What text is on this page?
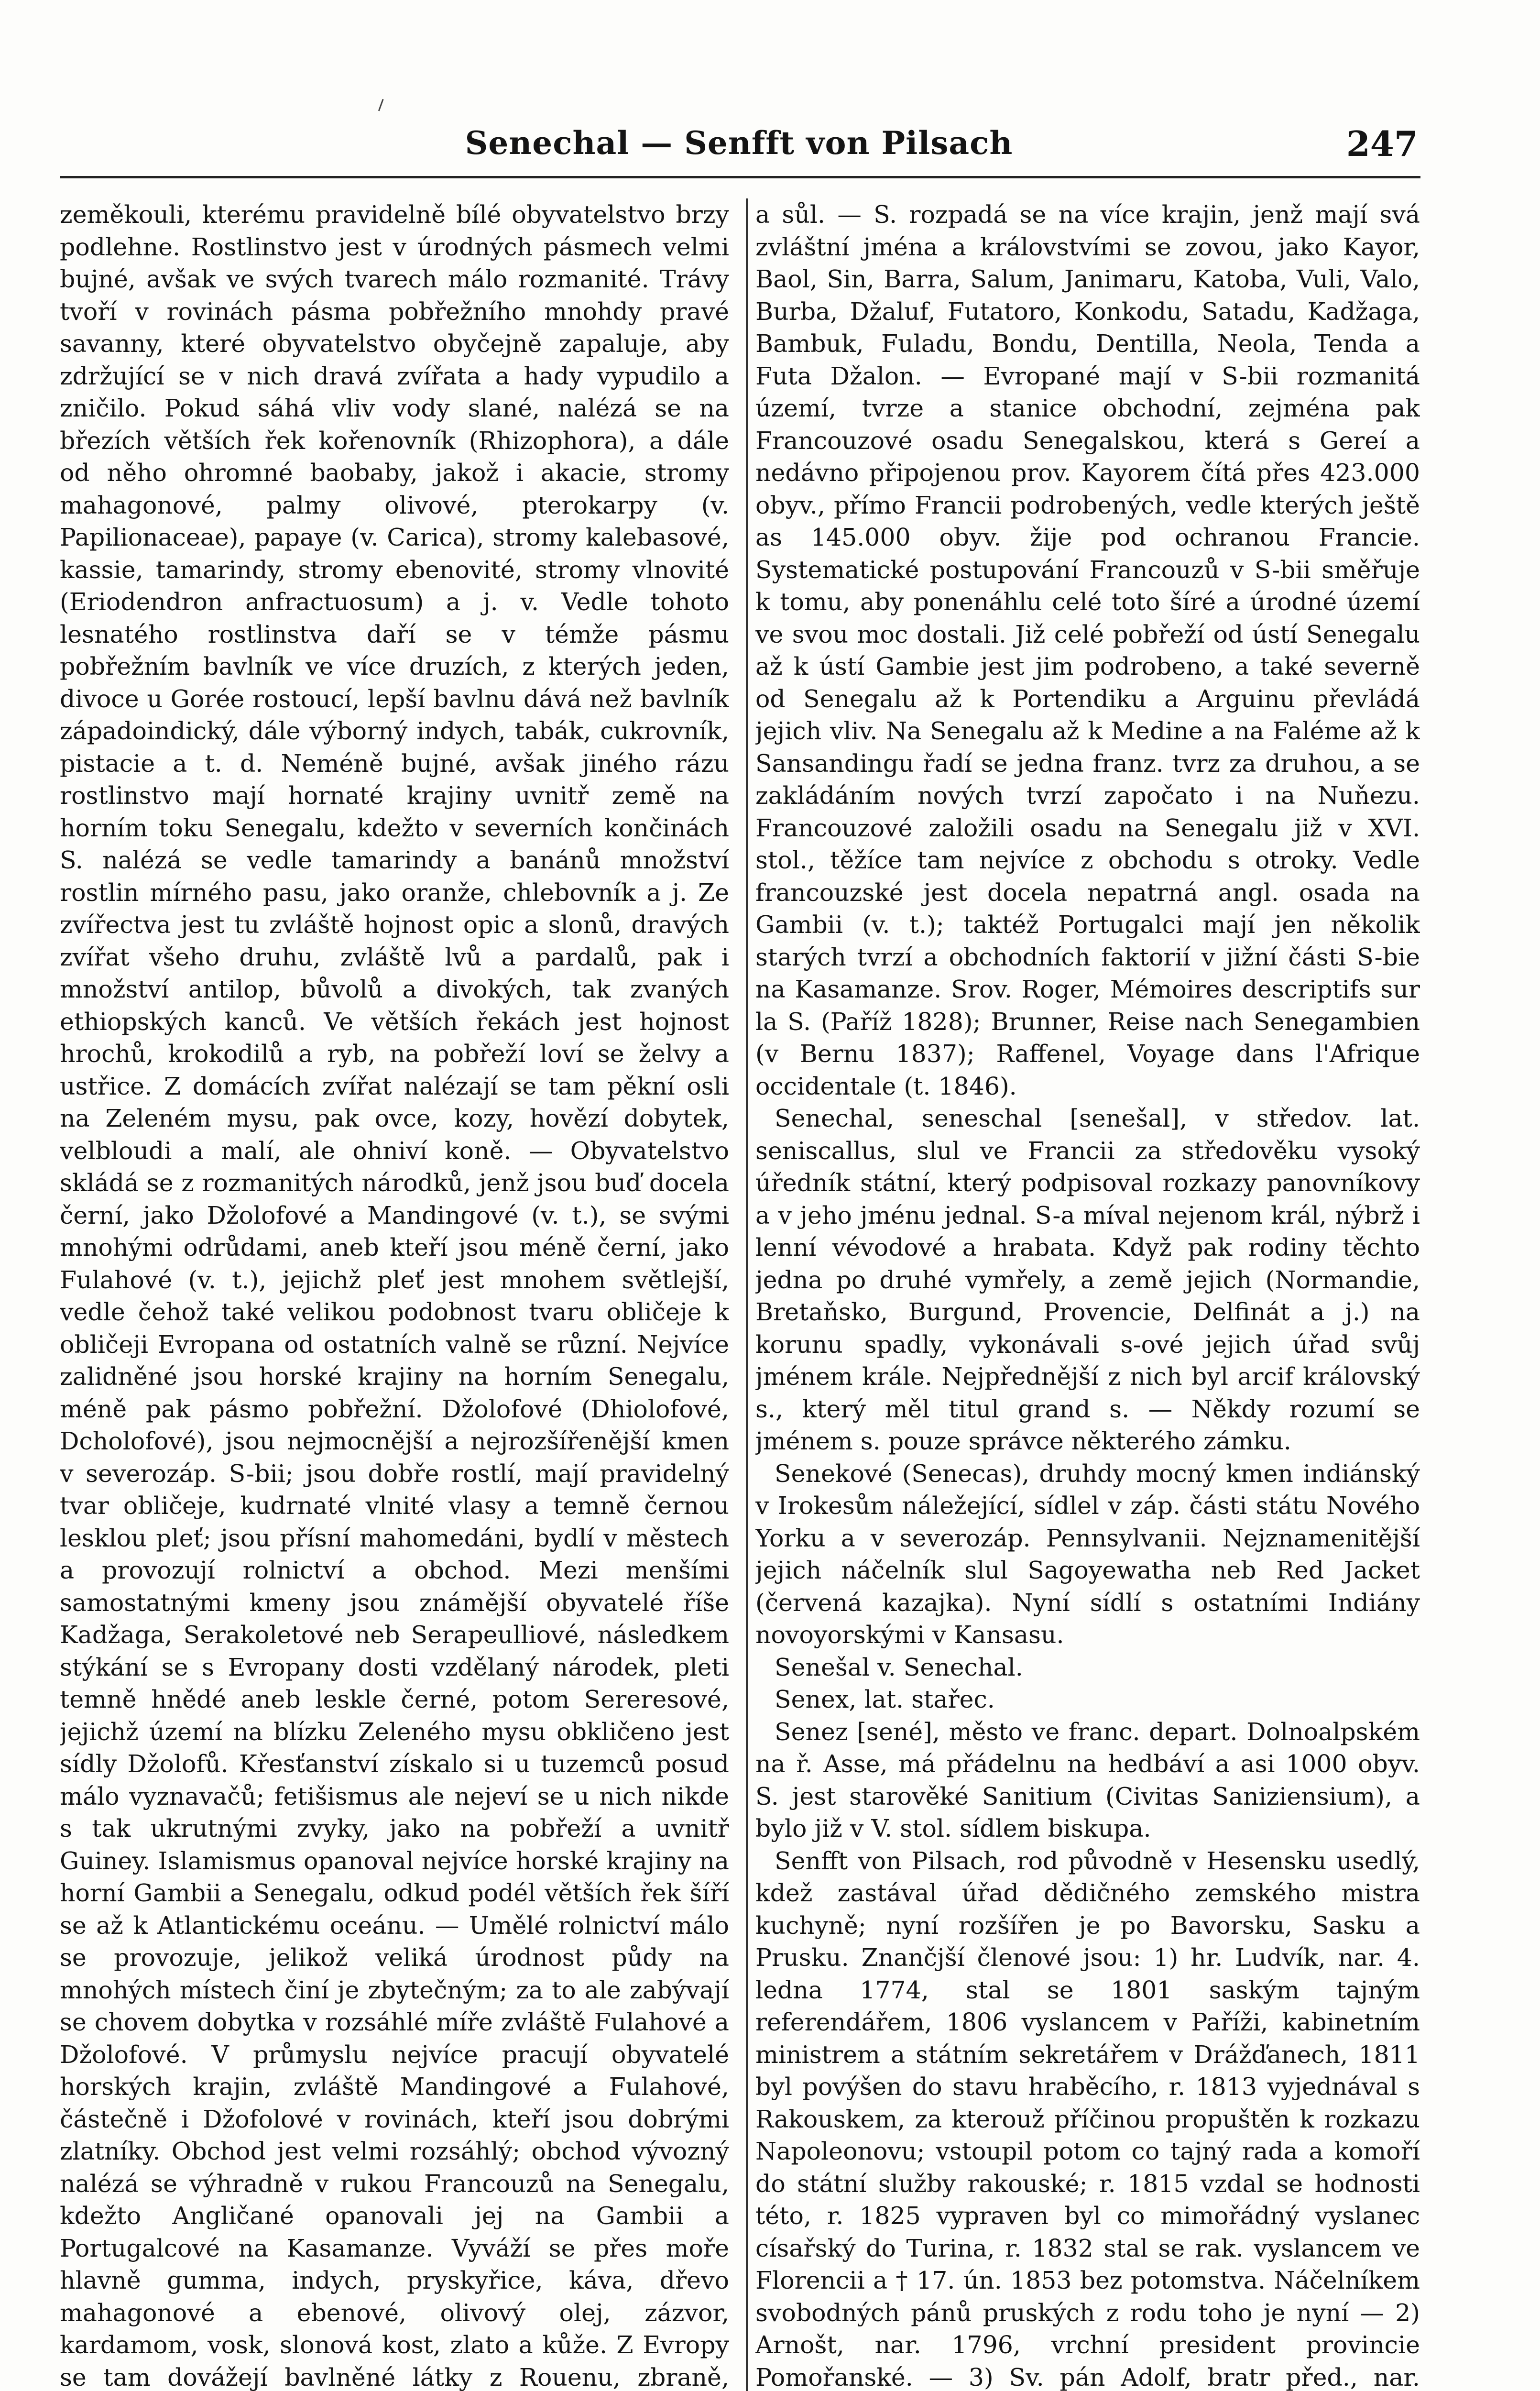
Senechal — Senfft von Pilsach	247

zeměkouli, kterému pravidelně bílé obyvatelstvo brzy podlehne. Rostlinstvo jest v úrodných pásmech velmi bujné, avšak ve svých tvarech málo rozmanité. Trávy tvoří v rovinách pásma pobřežního mnohdy pravé savanny, které obyvatelstvo obyčejně zapaluje, aby zdržující se v nich dravá zvířata a hady vypudilo a zničilo. Pokud sáhá vliv vody slané, nalézá se na březích větších řek kořenovník (Rhizophora), a dále od něho ohromné baobaby, jakož i akacie, stromy mahagonové, palmy olivové, pterokarpy (v. Papilionaceae), papaye (v. Carica), stromy kalebasové, kassie, tamarindy, stromy ebenovité, stromy vlnovité (Eriodendron anfractuosum) a j. v. Vedle tohoto lesnatého rostlinstva daří se v témže pásmu pobřežním bavlník ve více druzích, z kterých jeden, divoce u Gorée rostoucí, lepší bavlnu dává než bavlník západoindický, dále výborný indych, tabák, cukrovník, pistacie a t. d. Neméně bujné, avšak jiného rázu rostlinstvo mají hornaté krajiny uvnitř země na horním toku Senegalu, kdežto v severních končinách S. nalézá se vedle tamarindy a banánů množství rostlin mírného pasu, jako oranže, chlebovník a j. Ze zvířectva jest tu zvláště hojnost opic a slonů, dravých zvířat všeho druhu, zvláště lvů a pardalů, pak i množství antilop, bůvolů a divokých, tak zvaných ethiopských kanců. Ve větších řekách jest hojnost hrochů, krokodilů a ryb, na pobřeží loví se želvy a ustřice. Z domácích zvířat nalézají se tam pěkní osli na Zeleném mysu, pak ovce, kozy, hovězí dobytek, velbloudi a malí, ale ohniví koně. — Obyvatelstvo skládá se z rozmanitých národků, jenž jsou buď docela černí, jako Džolofové a Mandingové (v. t.), se svými mnohými odrůdami, aneb kteří jsou méně černí, jako Fulahové (v. t.), jejichž pleť jest mnohem světlejší, vedle čehož také velikou podobnost tvaru obličeje k obličeji Evropana od ostatních valně se různí. Nejvíce zalidněné jsou horské krajiny na horním Senegalu, méně pak pásmo pobřežní. Džolofové (Dhiolofové, Dcholofové), jsou nejmocnější a nejrozšířenější kmen v severozáp. S-bii; jsou dobře rostlí, mají pravidelný tvar obličeje, kudrnaté vlnité vlasy a temně černou lesklou pleť; jsou přísní mahomedáni, bydlí v městech a provozují rolnictví a obchod. Mezi menšími samostatnými kmeny jsou známější obyvatelé říše Kadžaga, Serakoletové neb Serapeulliové, následkem stýkání se s Evropany dosti vzdělaný národek, pleti temně hnědé aneb leskle černé, potom Sereresové, jejichž území na blízku Zeleného mysu obkličeno jest sídly Džolofů. Křesťanství získalo si u tuzemců posud málo vyznavačů; fetišismus ale nejeví se u nich nikde s tak ukrutnými zvyky, jako na pobřeží a uvnitř Guiney. Islamismus opanoval nejvíce horské krajiny na horní Gambii a Senegalu, odkud podél větších řek šíří se až k Atlantickému oceánu. — Umělé rolnictví málo se provozuje, jelikož veliká úrodnost půdy na mnohých místech činí je zbytečným; za to ale zabývají se chovem dobytka v rozsáhlé míře zvláště Fulahové a Džolofové. V průmyslu nejvíce pracují obyvatelé horských krajin, zvláště Mandingové a Fulahové, částečně i Džofolové v rovinách, kteří jsou dobrými zlatníky. Obchod jest velmi rozsáhlý; obchod vývozný nalézá se výhradně v rukou Francouzů na Senegalu, kdežto Angličané opanovali jej na Gambii a Portugalcové na Kasamanze. Vyváží se přes moře hlavně gumma, indych, pryskyřice, káva, dřevo mahagonové a ebenové, olivový olej, zázvor, kardamom, vosk, slonová kost, zlato a kůže. Z Evropy se tam dovážejí bavlněné látky z Rouenu, zbraně,

a sůl. — S. rozpadá se na více krajin, jenž mají svá zvláštní jména a královstvími se zovou, jako Kayor, Baol, Sin, Barra, Salum, Janimaru, Katoba, Vuli, Valo, Burba, Džaluf, Futatoro, Konkodu, Satadu, Kadžaga, Bambuk, Fuladu, Bondu, Dentilla, Neola, Tenda a Futa Džalon. — Evropané mají v S-bii rozmanitá území, tvrze a stanice obchodní, zejména pak Francouzové osadu Senegalskou, která s Gereí a nedávno připojenou prov. Kayorem čítá přes 423.000 obyv., přímo Francii podrobených, vedle kterých ještě as 145.000 obyv. žije pod ochranou Francie. Systematické postupování Francouzů v S-bii směřuje k tomu, aby ponenáhlu celé toto šíré a úrodné území ve svou moc dostali. Již celé pobřeží od ústí Senegalu až k ústí Gambie jest jim podrobeno, a také severně od Senegalu až k Portendiku a Arguinu převládá jejich vliv. Na Senegalu až k Medine a na Faléme až k Sansandingu řadí se jedna franz. tvrz za druhou, a se zakládáním nových tvrzí započato i na Nuňezu. Francouzové založili osadu na Senegalu již v XVI. stol., těžíce tam nejvíce z obchodu s otroky. Vedle francouzské jest docela nepatrná angl. osada na Gambii (v. t.); taktéž Portugalci mají jen několik starých tvrzí a obchodních faktorií v jižní části S-bie na Kasamanze. Srov. Roger, Mémoires descriptifs sur la S. (Paříž 1828); Brunner, Reise nach Senegambien (v Bernu 1837); Raffenel, Voyage dans l'Afrique occidentale (t. 1846).

Senechal, seneschal [senešal], v středov. lat. seniscallus, slul ve Francii za středověku vysoký úředník státní, který podpisoval rozkazy panovníkovy a v jeho jménu jednal. S-a míval nejenom král, nýbrž i lenní vévodové a hrabata. Když pak rodiny těchto jedna po druhé vymřely, a země jejich (Normandie, Bretaňsko, Burgund, Provencie, Delfinát a j.) na korunu spadly, vykonávali s-ové jejich úřad svůj jménem krále. Nejpřednější z nich byl arcif královský s., který měl titul grand s. — Někdy rozumí se jménem s. pouze správce některého zámku.

Senekové (Senecas), druhdy mocný kmen indiánský v Irokesům náležející, sídlel v záp. části státu Nového Yorku a v severozáp. Pennsylvanii. Nejznamenitější jejich náčelník slul Sagoyewatha neb Red Jacket (červená kazajka). Nyní sídlí s ostatními Indiány novoyorskými v Kansasu.

Senešal v. Senechal.

Senex, lat. stařec.

Senez [sené], město ve franc. depart. Dolnoalpském na ř. Asse, má přádelnu na hedbáví a asi 1000 obyv. S. jest starověké Sanitium (Civitas Saniziensium), a bylo již v V. stol. sídlem biskupa.

Senfft von Pilsach, rod původně v Hesensku usedlý, kdež zastával úřad dědičného zemského mistra kuchyně; nyní rozšířen je po Bavorsku, Sasku a Prusku. Znančjší členové jsou: 1) hr. Ludvík, nar. 4. ledna 1774, stal se 1801 saským tajným referendářem, 1806 vyslancem v Paříži, kabinetním ministrem a státním sekretářem v Drážďanech, 1811 byl povýšen do stavu hraběcího, r. 1813 vyjednával s Rakouskem, za kterouž příčinou propuštěn k rozkazu Napoleonovu; vstoupil potom co tajný rada a komoří do státní služby rakouské; r. 1815 vzdal se hodnosti této, r. 1825 vypraven byl co mimořádný vyslanec císařský do Turina, r. 1832 stal se rak. vyslancem ve Florencii a † 17. ún. 1853 bez potomstva. Náčelníkem svobodných pánů pruských z rodu toho je nyní — 2) Arnošt, nar. 1796, vrchní president provincie Pomořanské. — 3) Sv. pán Adolf, bratr před., nar.
